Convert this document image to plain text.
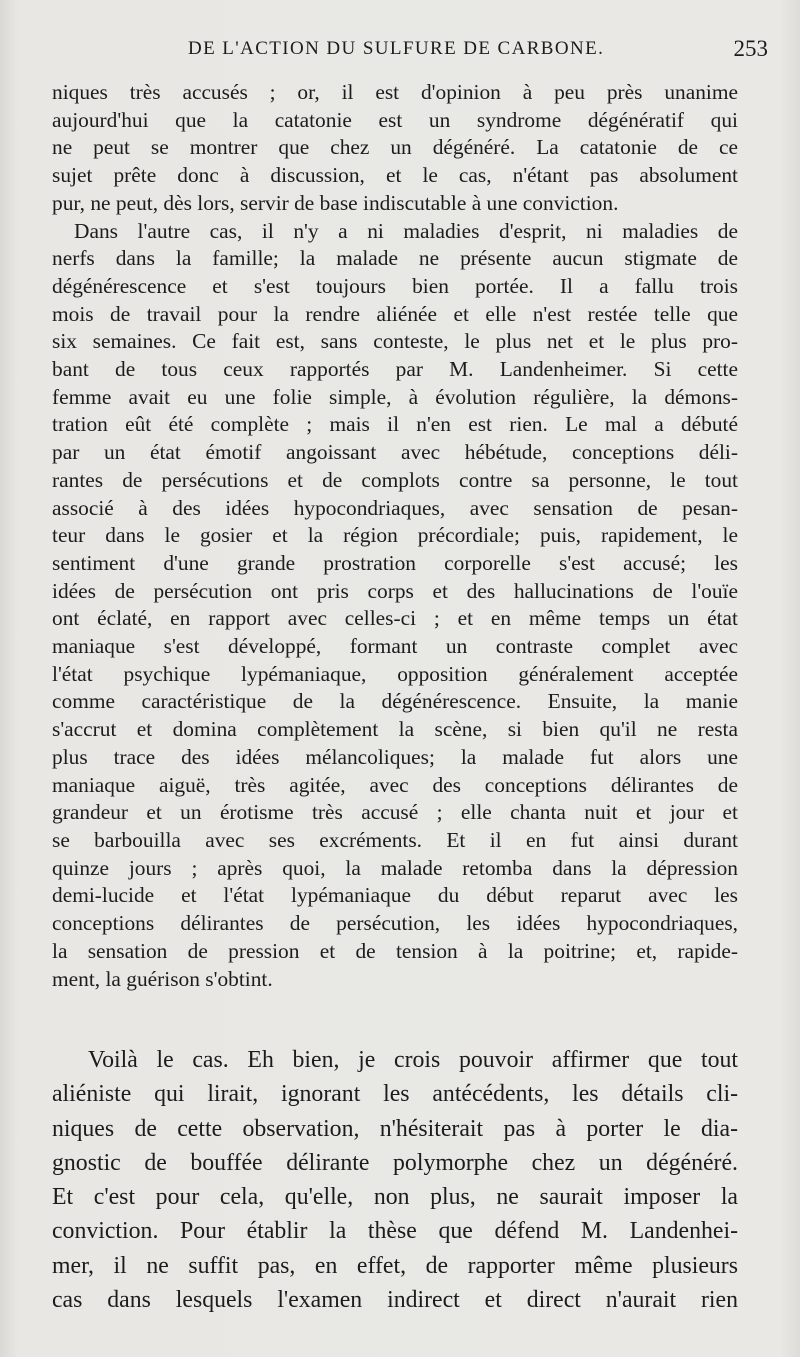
DE L'ACTION DU SULFURE DE CARBONE.	253
niques très accusés ; or, il est d'opinion à peu près unanime
aujourd'hui que la catatonie est un syndrome dégénératif qui
ne peut se montrer que chez un dégénéré. La catatonie de ce
sujet prête donc à discussion, et le cas, n'étant pas absolument
pur, ne peut, dès lors, servir de base indiscutable à une conviction.
Dans l'autre cas, il n'y a ni maladies d'esprit, ni maladies de
nerfs dans la famille; la malade ne présente aucun stigmate de
dégénérescence et s'est toujours bien portée. Il a fallu trois
mois de travail pour la rendre aliénée et elle n'est restée telle que
six semaines. Ce fait est, sans conteste, le plus net et le plus pro-
bant de tous ceux rapportés par M. Landenheimer. Si cette
femme avait eu une folie simple, à évolution régulière, la démons-
tration eût été complète ; mais il n'en est rien. Le mal a débuté
par un état émotif angoissant avec hébétude, conceptions déli-
rantes de persécutions et de complots contre sa personne, le tout
associé à des idées hypocondriaques, avec sensation de pesan-
teur dans le gosier et la région précordiale; puis, rapidement, le
sentiment d'une grande prostration corporelle s'est accusé; les
idées de persécution ont pris corps et des hallucinations de l'ouïe
ont éclaté, en rapport avec celles-ci ; et en même temps un état
maniaque s'est développé, formant un contraste complet avec
l'état psychique lypémaniaque, opposition généralement acceptée
comme caractéristique de la dégénérescence. Ensuite, la manie
s'accrut et domina complètement la scène, si bien qu'il ne resta
plus trace des idées mélancoliques; la malade fut alors une
maniaque aiguë, très agitée, avec des conceptions délirantes de
grandeur et un érotisme très accusé ; elle chanta nuit et jour et
se barbouilla avec ses excréments. Et il en fut ainsi durant
quinze jours ; après quoi, la malade retomba dans la dépression
demi-lucide et l'état lypémaniaque du début reparut avec les
conceptions délirantes de persécution, les idées hypocondriaques,
la sensation de pression et de tension à la poitrine; et, rapide-
ment, la guérison s'obtint.
Voilà le cas. Eh bien, je crois pouvoir affirmer que tout
aliéniste qui lirait, ignorant les antécédents, les détails cli-
niques de cette observation, n'hésiterait pas à porter le dia-
gnostic de bouffée délirante polymorphe chez un dégénéré.
Et c'est pour cela, qu'elle, non plus, ne saurait imposer la
conviction. Pour établir la thèse que défend M. Landenhei-
mer, il ne suffit pas, en effet, de rapporter même plusieurs
cas dans lesquels l'examen indirect et direct n'aurait rien
